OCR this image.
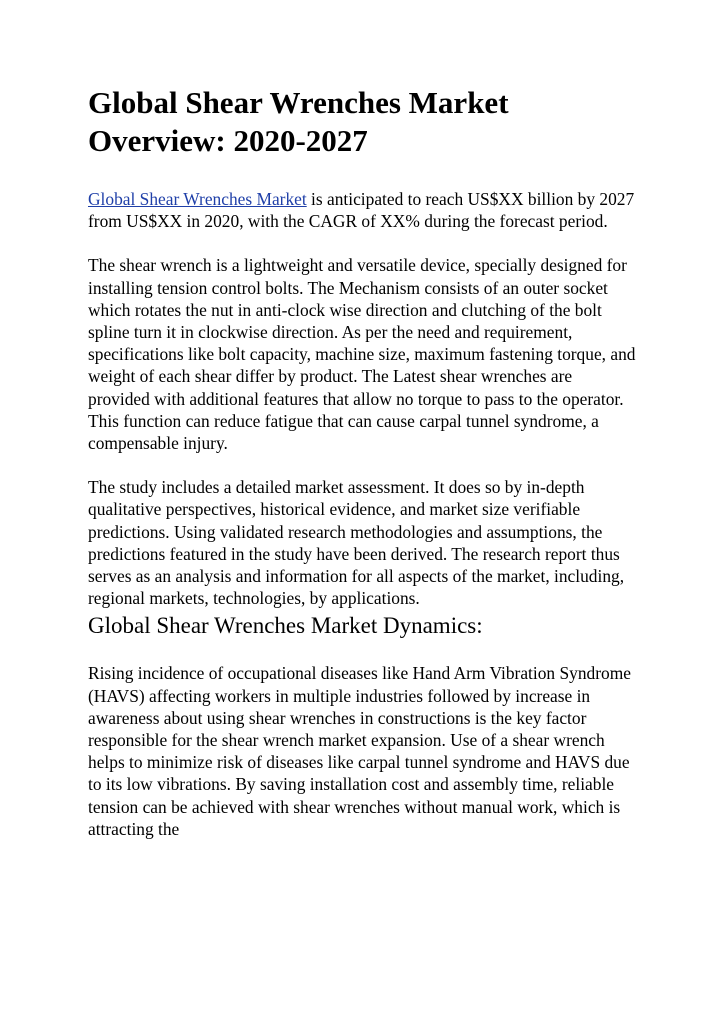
Global Shear Wrenches Market Overview: 2020-2027

Global Shear Wrenches Market is anticipated to reach US$XX billion by 2027 from US$XX in 2020, with the CAGR of XX% during the forecast period.

The shear wrench is a lightweight and versatile device, specially designed for installing tension control bolts. The Mechanism consists of an outer socket which rotates the nut in anti-clock wise direction and clutching of the bolt spline turn it in clockwise direction. As per the need and requirement, specifications like bolt capacity, machine size, maximum fastening torque, and weight of each shear differ by product. The Latest shear wrenches are provided with additional features that allow no torque to pass to the operator. This function can reduce fatigue that can cause carpal tunnel syndrome, a compensable injury.

The study includes a detailed market assessment. It does so by in-depth qualitative perspectives, historical evidence, and market size verifiable predictions. Using validated research methodologies and assumptions, the predictions featured in the study have been derived. The research report thus serves as an analysis and information for all aspects of the market, including, regional markets, technologies, by applications.

Global Shear Wrenches Market Dynamics:

Rising incidence of occupational diseases like Hand Arm Vibration Syndrome (HAVS) affecting workers in multiple industries followed by increase in awareness about using shear wrenches in constructions is the key factor responsible for the shear wrench market expansion. Use of a shear wrench helps to minimize risk of diseases like carpal tunnel syndrome and HAVS due to its low vibrations. By saving installation cost and assembly time, reliable tension can be achieved with shear wrenches without manual work, which is attracting the
